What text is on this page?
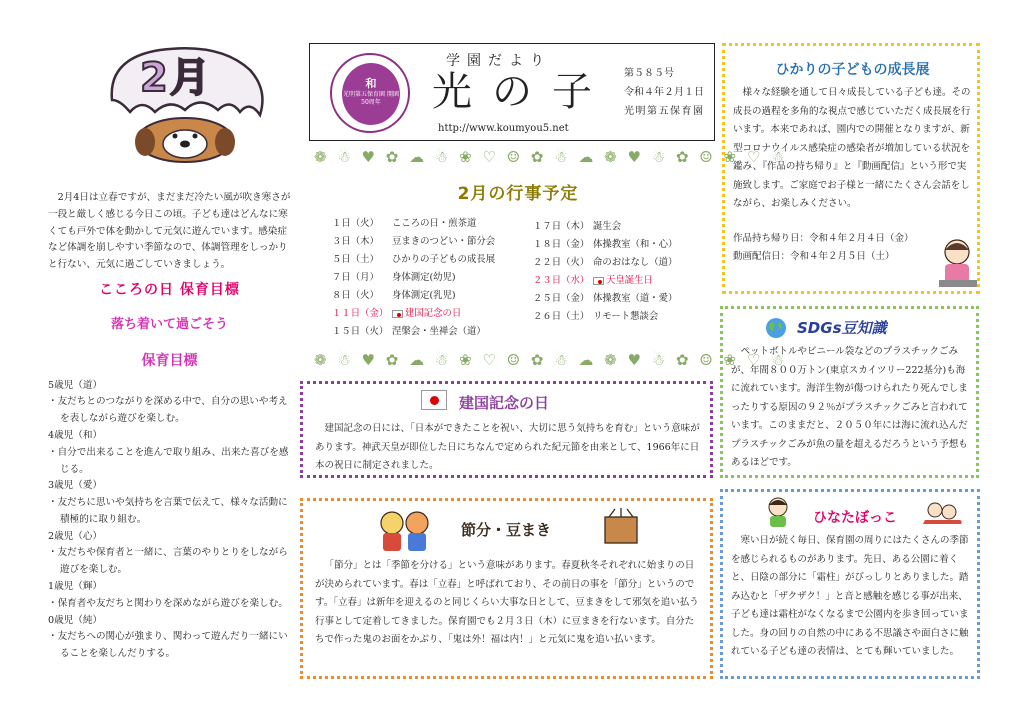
2月

2月4日は立春ですが、まだまだ冷たい風が吹き寒さが一段と厳しく感じる今日この頃。子ども達はどんなに寒くても戸外で体を動かして元気に遊んでいます。感染症など体調を崩しやすい季節なので、体調管理をしっかりと行ない、元気に過ごしていきましょう。

こころの日 保育目標
落ち着いて過ごそう
保育目標
5歳児（道）
・友だちとのつながりを深める中で、自分の思いや考えを表しながら遊びを楽しむ。
4歳児（和）
・自分で出来ることを進んで取り組み、出来た喜びを感じる。
3歳児（愛）
・友だちに思いや気持ちを言葉で伝えて、様々な活動に積極的に取り組む。
2歳児（心）
・友だちや保育者と一緒に、言葉のやりとりをしながら遊びを楽しむ。
1歳児（輝）
・保育者や友だちと関わりを深めながら遊びを楽しむ。
0歳児（純）
・友だちへの関心が強まり、関わって遊んだり一緒にいることを楽しんだりする。
和
光明第五保育園 開園50周年
学園だより
光の子
http://www.koumyou5.net
第５８５号
令和４年２月１日
光明第五保育園
❁ ☃ ♥ ✿ ☁ ☃ ❀ ♡ ☺ ✿ ☃ ☁ ❁ ♥ ☃ ✿ ☺ ❀ ♡ ☃
2月の行事予定
１日（火）	こころの日・煎茶道
３日（木）	豆まきのつどい・節分会
５日（土）	ひかりの子どもの成長展
７日（月）	身体測定(幼児)
８日（火）	身体測定(乳児)
１１日（金）	建国記念の日
１５日（火） 涅槃会・坐禅会（道）
１７日（木） 誕生会
１８日（金） 体操教室（和・心）
２２日（火） 命のおはなし（道）
２３日（水）	天皇誕生日
２５日（金） 体操教室（道・愛）
２６日（土） リモート懇談会
❁ ☃ ♥ ✿ ☁ ☃ ❀ ♡ ☺ ✿ ☃ ☁ ❁ ♥ ☃ ✿ ☺ ❀ ♡ ☃
建国記念の日
建国記念の日には、「日本ができたことを祝い、大切に思う気持ちを育む」という意味があります。神武天皇が即位した日にちなんで定められた紀元節を由来として、1966年に日本の祝日に制定されました。
節分・豆まき
「節分」とは「季節を分ける」という意味があります。春夏秋冬それぞれに始まりの日が決められています。春は「立春」と呼ばれており、その前日の事を「節分」というのです。「立春」は新年を迎えるのと同じくらい大事な日として、豆まきをして邪気を追い払う行事として定着してきました。保育園でも２月３日（木）に豆まきを行ないます。自分たちで作った鬼のお面をかぶり、「鬼は外！福は内！」と元気に鬼を追い払います。
ひかりの子どもの成長展
様々な経験を通して日々成長している子ども達。その成長の過程を多角的な視点で感じていただく成長展を行います。本来であれば、園内での開催となりますが、新型コロナウイルス感染症の感染者が増加している状況を鑑み、『作品の持ち帰り』と『動画配信』という形で実施致します。ご家庭でお子様と一緒にたくさん会話をしながら、お楽しみください。
作品持ち帰り日：令和４年２月４日（金）
動画配信日：令和４年２月５日（土）
SDGs豆知識
ペットボトルやビニール袋などのプラスチックごみが、年間８００万トン(東京スカイツリー222基分)も海に流れています。海洋生物が傷つけられたり死んでしまったりする原因の９２％がプラスチックごみと言われています。このままだと、２０５０年には海に流れ込んだプラスチックごみが魚の量を超えるだろうという予想もあるほどです。
ひなたぼっこ
寒い日が続く毎日、保育園の周りにはたくさんの季節を感じられるものがあります。先日、ある公園に着くと、日陰の部分に「霜柱」がびっしりとありました。踏み込むと「ザクザク！」と音と感触を感じる事が出来、子ども達は霜柱がなくなるまで公園内を歩き回っていました。身の回りの自然の中にある不思議さや面白さに触れている子ども達の表情は、とても輝いていました。
